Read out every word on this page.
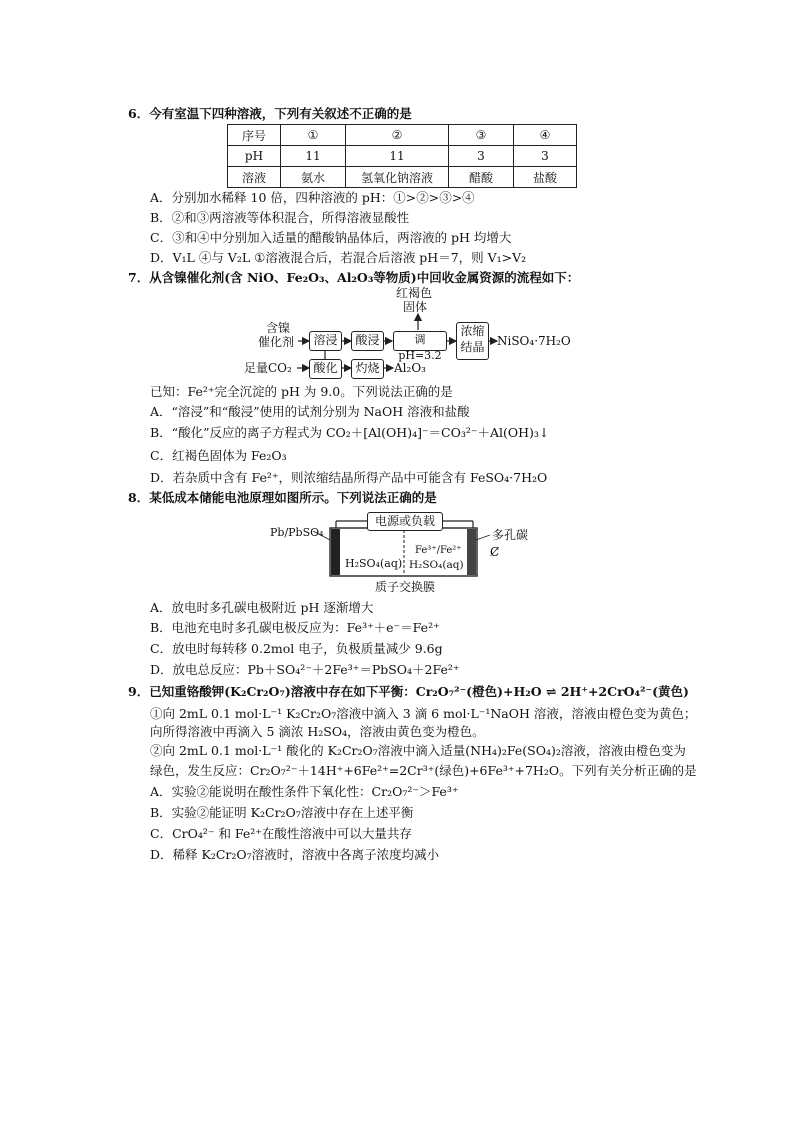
6．今有室温下四种溶液，下列有关叙述不正确的是
序号	①	②	③	④
pH	11	11	3	3
溶液	氨水	氢氧化钠溶液	醋酸	盐酸
A．分别加水稀释 10 倍，四种溶液的 pH：①>②>③>④
B．②和③两溶液等体积混合，所得溶液显酸性
C．③和④中分别加入适量的醋酸钠晶体后，两溶液的 pH 均增大
D．V₁L ④与 V₂L ①溶液混合后，若混合后溶液 pH＝7，则 V₁>V₂
7．从含镍催化剂(含 NiO、Fe₂O₃、Al₂O₃等物质)中回收金属资源的流程如下：
Ȼ
红褐色
固体
含镍
催化剂	溶浸	酸浸	调pH=3.2
浓缩
结晶 NiSO₄·7H₂O
足量CO₂	酸化	灼烧	Al₂O₃
已知：Fe²⁺完全沉淀的 pH 为 9.0。下列说法正确的是
A．“溶浸”和“酸浸”使用的试剂分别为 NaOH 溶液和盐酸
B．“酸化”反应的离子方程式为 CO₂＋[Al(OH)₄]⁻＝CO₃²⁻＋Al(OH)₃↓
C．红褐色固体为 Fe₂O₃
D．若杂质中含有 Fe²⁺，则浓缩结晶所得产品中可能含有 FeSO₄·7H₂O
8．某低成本储能电池原理如图所示。下列说法正确的是
电源或负载
Pb/PbSO₄	多孔碳
H₂SO₄(aq)
Fe³⁺/Fe²⁺
H₂SO₄(aq)
质子交换膜
A．放电时多孔碳电极附近 pH 逐渐增大
B．电池充电时多孔碳电极反应为：Fe³⁺＋e⁻＝Fe²⁺
C．放电时每转移 0.2mol 电子，负极质量减少 9.6g
D．放电总反应：Pb＋SO₄²⁻＋2Fe³⁺＝PbSO₄＋2Fe²⁺
9．已知重铬酸钾(K₂Cr₂O₇)溶液中存在如下平衡：Cr₂O₇²⁻(橙色)+H₂O ⇌ 2H⁺+2CrO₄²⁻(黄色)
①向 2mL 0.1 mol·L⁻¹ K₂Cr₂O₇溶液中滴入 3 滴 6 mol·L⁻¹NaOH 溶液，溶液由橙色变为黄色；
向所得溶液中再滴入 5 滴浓 H₂SO₄，溶液由黄色变为橙色。
②向 2mL 0.1 mol·L⁻¹ 酸化的 K₂Cr₂O₇溶液中滴入适量(NH₄)₂Fe(SO₄)₂溶液，溶液由橙色变为
绿色，发生反应：Cr₂O₇²⁻＋14H⁺+6Fe²⁺=2Cr³⁺(绿色)+6Fe³⁺+7H₂O。下列有关分析正确的是
A．实验②能说明在酸性条件下氧化性：Cr₂O₇²⁻＞Fe³⁺
B．实验②能证明 K₂Cr₂O₇溶液中存在上述平衡
C．CrO₄²⁻ 和 Fe²⁺在酸性溶液中可以大量共存
D．稀释 K₂Cr₂O₇溶液时，溶液中各离子浓度均减小
